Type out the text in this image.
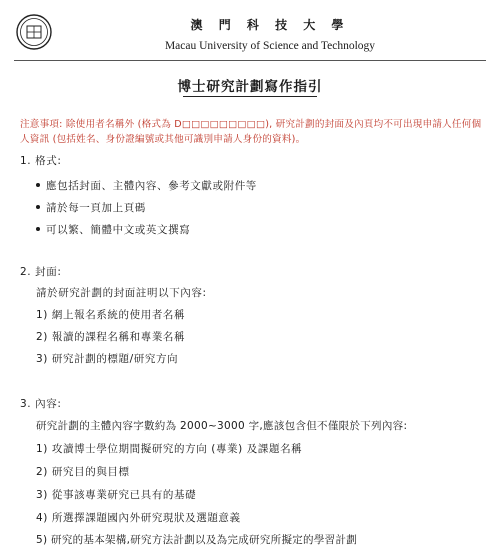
澳 門 科 技 大 學
Macau University of Science and Technology
博士研究計劃寫作指引
注意事項: 除使用者名稱外 (格式為 D□□□□□□□□□), 研究計劃的封面及內頁均不可出現申請人任何個人資訊 (包括姓名、身份證編號或其他可識別申請人身份的資料)。
1. 格式:
應包括封面、主體內容、參考文獻或附件等
請於每一頁加上頁碼
可以繁、簡體中文或英文撰寫
2. 封面:
請於研究計劃的封面註明以下內容:
1) 網上報名系統的使用者名稱
2) 報讀的課程名稱和專業名稱
3) 研究計劃的標題/研究方向
3. 內容:
研究計劃的主體內容字數約為 2000~3000 字,應該包含但不僅限於下列內容:
1) 攻讀博士學位期間擬研究的方向 (專業) 及課題名稱
2) 研究目的與目標
3) 從事該專業研究已具有的基礎
4) 所選擇課題國內外研究現狀及選題意義
5) 研究的基本架構,研究方法計劃以及為完成研究所擬定的學習計劃
